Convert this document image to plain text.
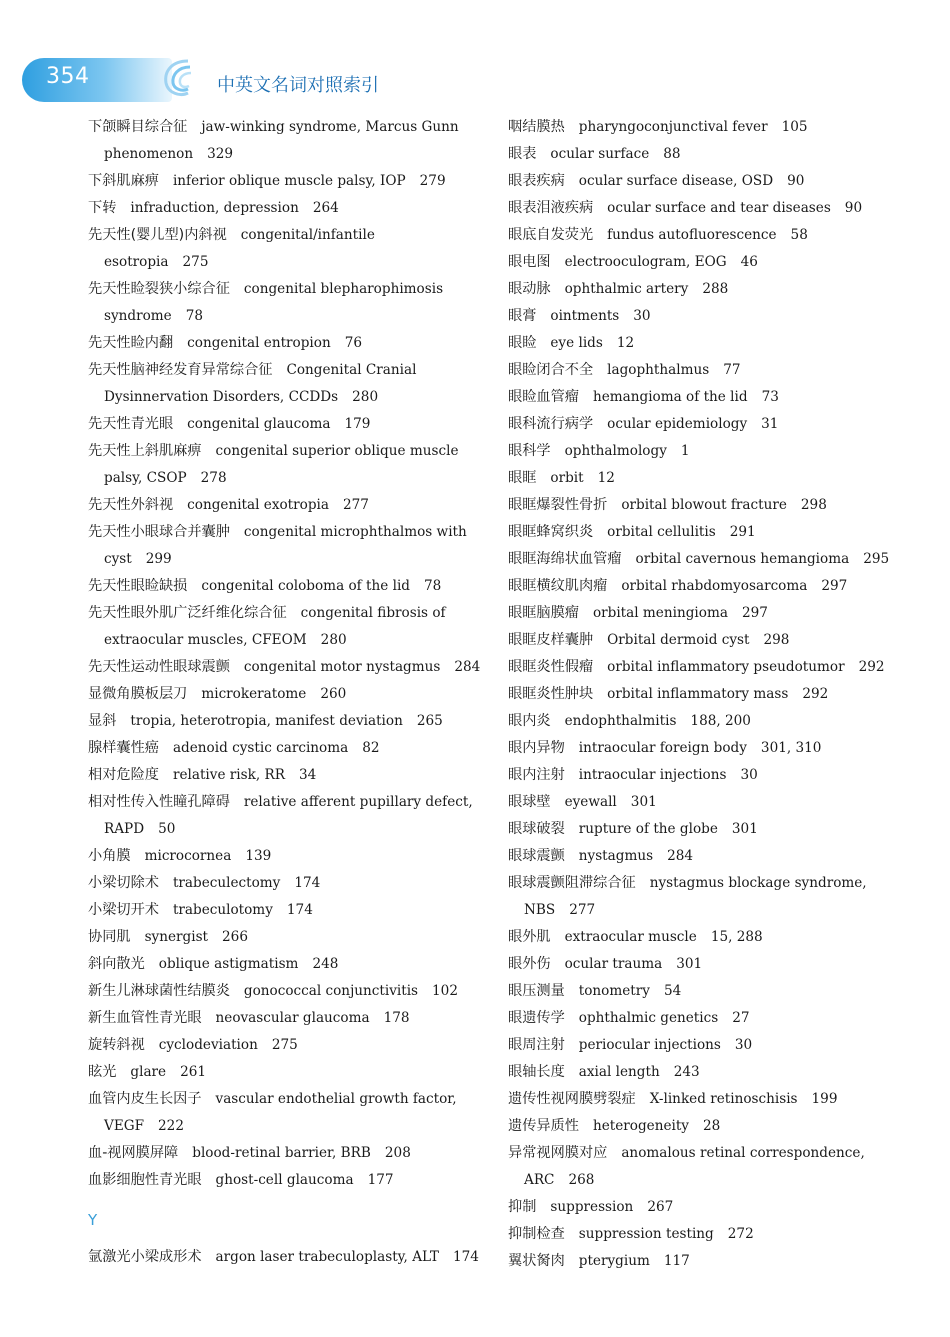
354	中英文名词对照索引
下颌瞬目综合征 jaw-winking syndrome, Marcus Gunn
phenomenon 329
下斜肌麻痹 inferior oblique muscle palsy, IOP 279
下转 infraduction, depression 264
先天性(婴儿型)内斜视 congenital/infantile
esotropia 275
先天性睑裂狭小综合征 congenital blepharophimosis
syndrome 78
先天性睑内翻 congenital entropion 76
先天性脑神经发育异常综合征 Congenital Cranial
Dysinnervation Disorders, CCDDs 280
先天性青光眼 congenital glaucoma 179
先天性上斜肌麻痹 congenital superior oblique muscle
palsy, CSOP 278
先天性外斜视 congenital exotropia 277
先天性小眼球合并囊肿 congenital microphthalmos with
cyst 299
先天性眼睑缺损 congenital coloboma of the lid 78
先天性眼外肌广泛纤维化综合征 congenital fibrosis of
extraocular muscles, CFEOM 280
先天性运动性眼球震颤 congenital motor nystagmus 284
显微角膜板层刀 microkeratome 260
显斜 tropia, heterotropia, manifest deviation 265
腺样囊性癌 adenoid cystic carcinoma 82
相对危险度 relative risk, RR 34
相对性传入性瞳孔障碍 relative afferent pupillary defect,
RAPD 50
小角膜 microcornea 139
小梁切除术 trabeculectomy 174
小梁切开术 trabeculotomy 174
协同肌 synergist 266
斜向散光 oblique astigmatism 248
新生儿淋球菌性结膜炎 gonococcal conjunctivitis 102
新生血管性青光眼 neovascular glaucoma 178
旋转斜视 cyclodeviation 275
眩光 glare 261
血管内皮生长因子 vascular endothelial growth factor,
VEGF 222
血-视网膜屏障 blood-retinal barrier, BRB 208
血影细胞性青光眼 ghost-cell glaucoma 177
Y
氩激光小梁成形术 argon laser trabeculoplasty, ALT 174
咽结膜热 pharyngoconjunctival fever 105
眼表 ocular surface 88
眼表疾病 ocular surface disease, OSD 90
眼表泪液疾病 ocular surface and tear diseases 90
眼底自发荧光 fundus autofluorescence 58
眼电图 electrooculogram, EOG 46
眼动脉 ophthalmic artery 288
眼膏 ointments 30
眼睑 eye lids 12
眼睑闭合不全 lagophthalmus 77
眼睑血管瘤 hemangioma of the lid 73
眼科流行病学 ocular epidemiology 31
眼科学 ophthalmology 1
眼眶 orbit 12
眼眶爆裂性骨折 orbital blowout fracture 298
眼眶蜂窝织炎 orbital cellulitis 291
眼眶海绵状血管瘤 orbital cavernous hemangioma 295
眼眶横纹肌肉瘤 orbital rhabdomyosarcoma 297
眼眶脑膜瘤 orbital meningioma 297
眼眶皮样囊肿 Orbital dermoid cyst 298
眼眶炎性假瘤 orbital inflammatory pseudotumor 292
眼眶炎性肿块 orbital inflammatory mass 292
眼内炎 endophthalmitis 188, 200
眼内异物 intraocular foreign body 301, 310
眼内注射 intraocular injections 30
眼球壁 eyewall 301
眼球破裂 rupture of the globe 301
眼球震颤 nystagmus 284
眼球震颤阻滞综合征 nystagmus blockage syndrome,
NBS 277
眼外肌 extraocular muscle 15, 288
眼外伤 ocular trauma 301
眼压测量 tonometry 54
眼遗传学 ophthalmic genetics 27
眼周注射 periocular injections 30
眼轴长度 axial length 243
遗传性视网膜劈裂症 X-linked retinoschisis 199
遗传异质性 heterogeneity 28
异常视网膜对应 anomalous retinal correspondence,
ARC 268
抑制 suppression 267
抑制检查 suppression testing 272
翼状胬肉 pterygium 117
